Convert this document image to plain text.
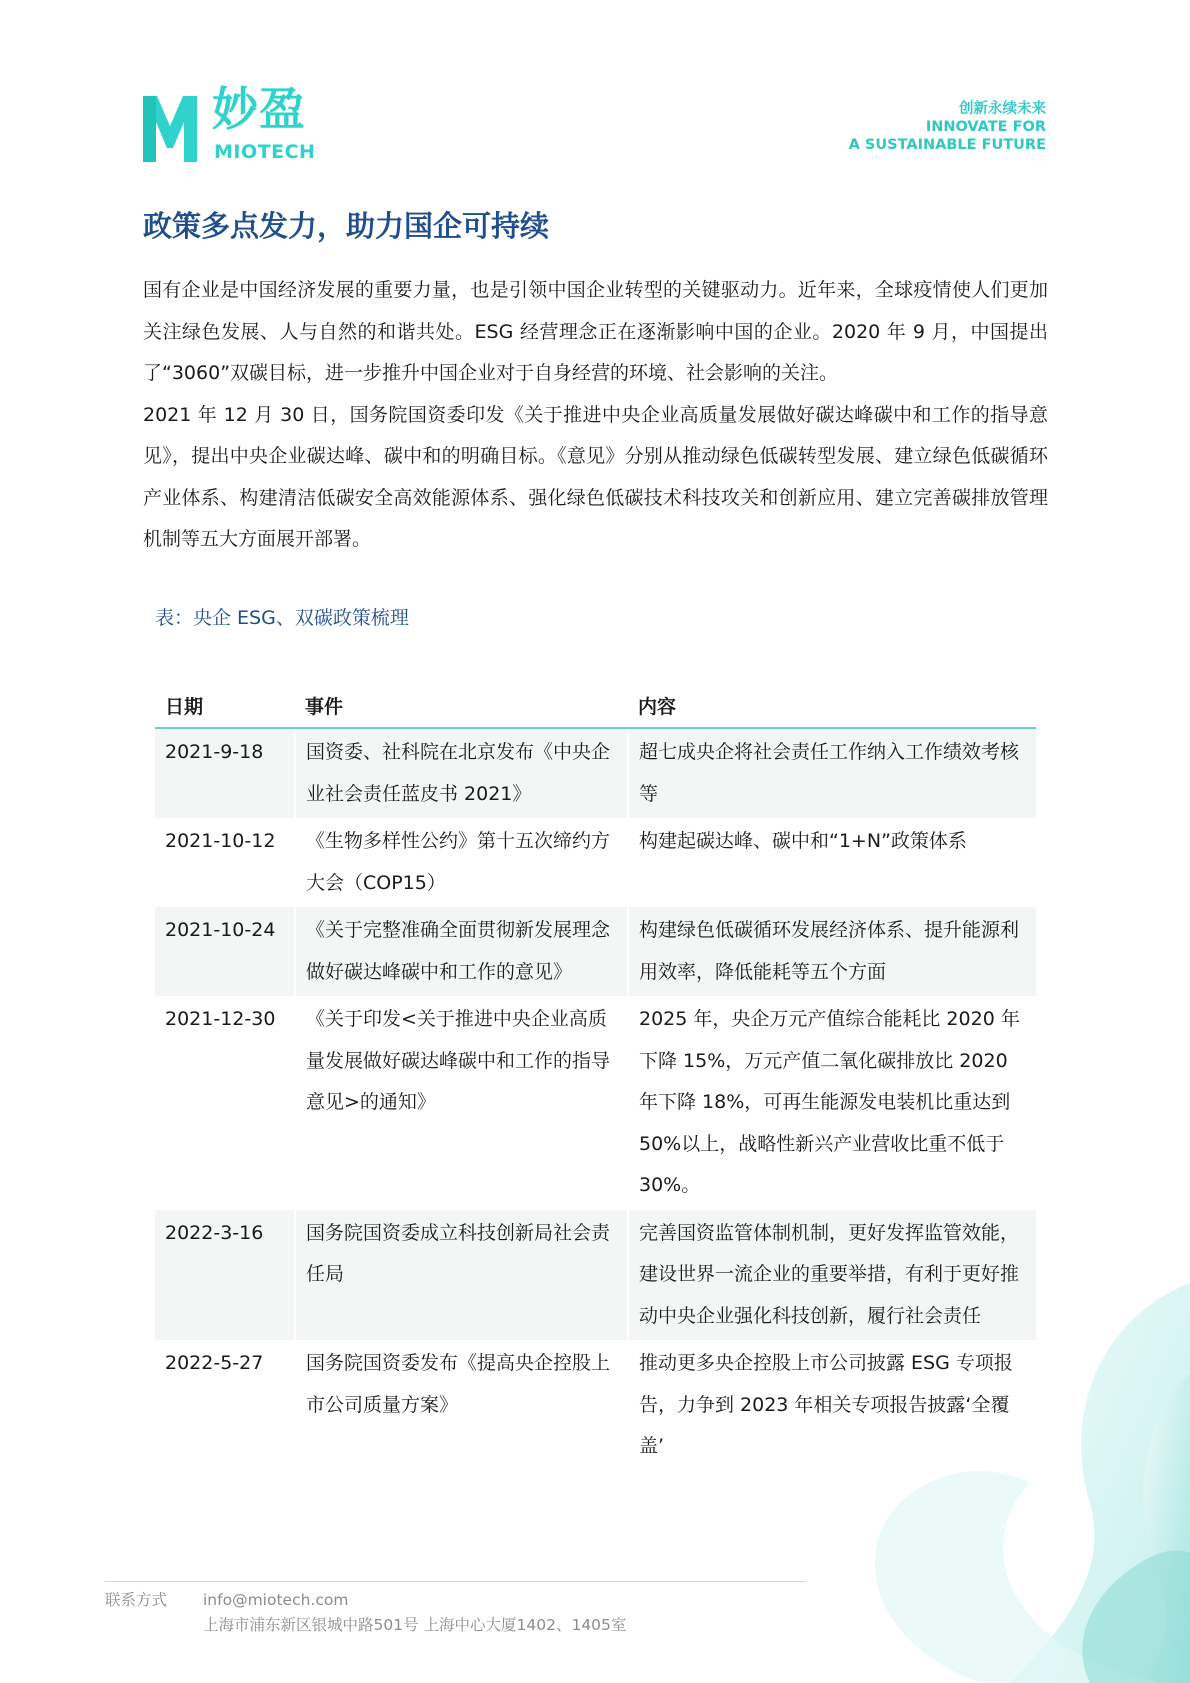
妙盈
MIOTECH
创新永续未来
INNOVATE FOR
A SUSTAINABLE FUTURE
政策多点发力，助力国企可持续

国有企业是中国经济发展的重要力量，也是引领中国企业转型的关键驱动力。近年来，全球疫情使人们更加关注绿色发展、人与自然的和谐共处。ESG 经营理念正在逐渐影响中国的企业。2020 年 9 月，中国提出了“3060”双碳目标，进一步推升中国企业对于自身经营的环境、社会影响的关注。

2021 年 12 月 30 日，国务院国资委印发《关于推进中央企业高质量发展做好碳达峰碳中和工作的指导意见》，提出中央企业碳达峰、碳中和的明确目标。《意见》分别从推动绿色低碳转型发展、建立绿色低碳循环产业体系、构建清洁低碳安全高效能源体系、强化绿色低碳技术科技攻关和创新应用、建立完善碳排放管理机制等五大方面展开部署。

表：央企 ESG、双碳政策梳理
日期	事件	内容
2021-9-18	国资委、社科院在北京发布《中央企业社会责任蓝皮书 2021》	超七成央企将社会责任工作纳入工作绩效考核等
2021-10-12	《生物多样性公约》第十五次缔约方大会（COP15）	构建起碳达峰、碳中和“1+N”政策体系
2021-10-24	《关于完整准确全面贯彻新发展理念做好碳达峰碳中和工作的意见》	构建绿色低碳循环发展经济体系、提升能源利用效率，降低能耗等五个方面
2021-12-30	《关于印发<关于推进中央企业高质量发展做好碳达峰碳中和工作的指导意见>的通知》	2025 年，央企万元产值综合能耗比 2020 年下降 15%，万元产值二氧化碳排放比 2020 年下降 18%，可再生能源发电装机比重达到 50%以上，战略性新兴产业营收比重不低于 30%。
2022-3-16	国务院国资委成立科技创新局社会责任局	完善国资监管体制机制，更好发挥监管效能，建设世界一流企业的重要举措，有利于更好推动中央企业强化科技创新，履行社会责任
2022-5-27	国务院国资委发布《提高央企控股上市公司质量方案》	推动更多央企控股上市公司披露 ESG 专项报告，力争到 2023 年相关专项报告披露‘全覆盖’
联系方式 info@miotech.com
上海市浦东新区银城中路501号 上海中心大厦1402、1405室
